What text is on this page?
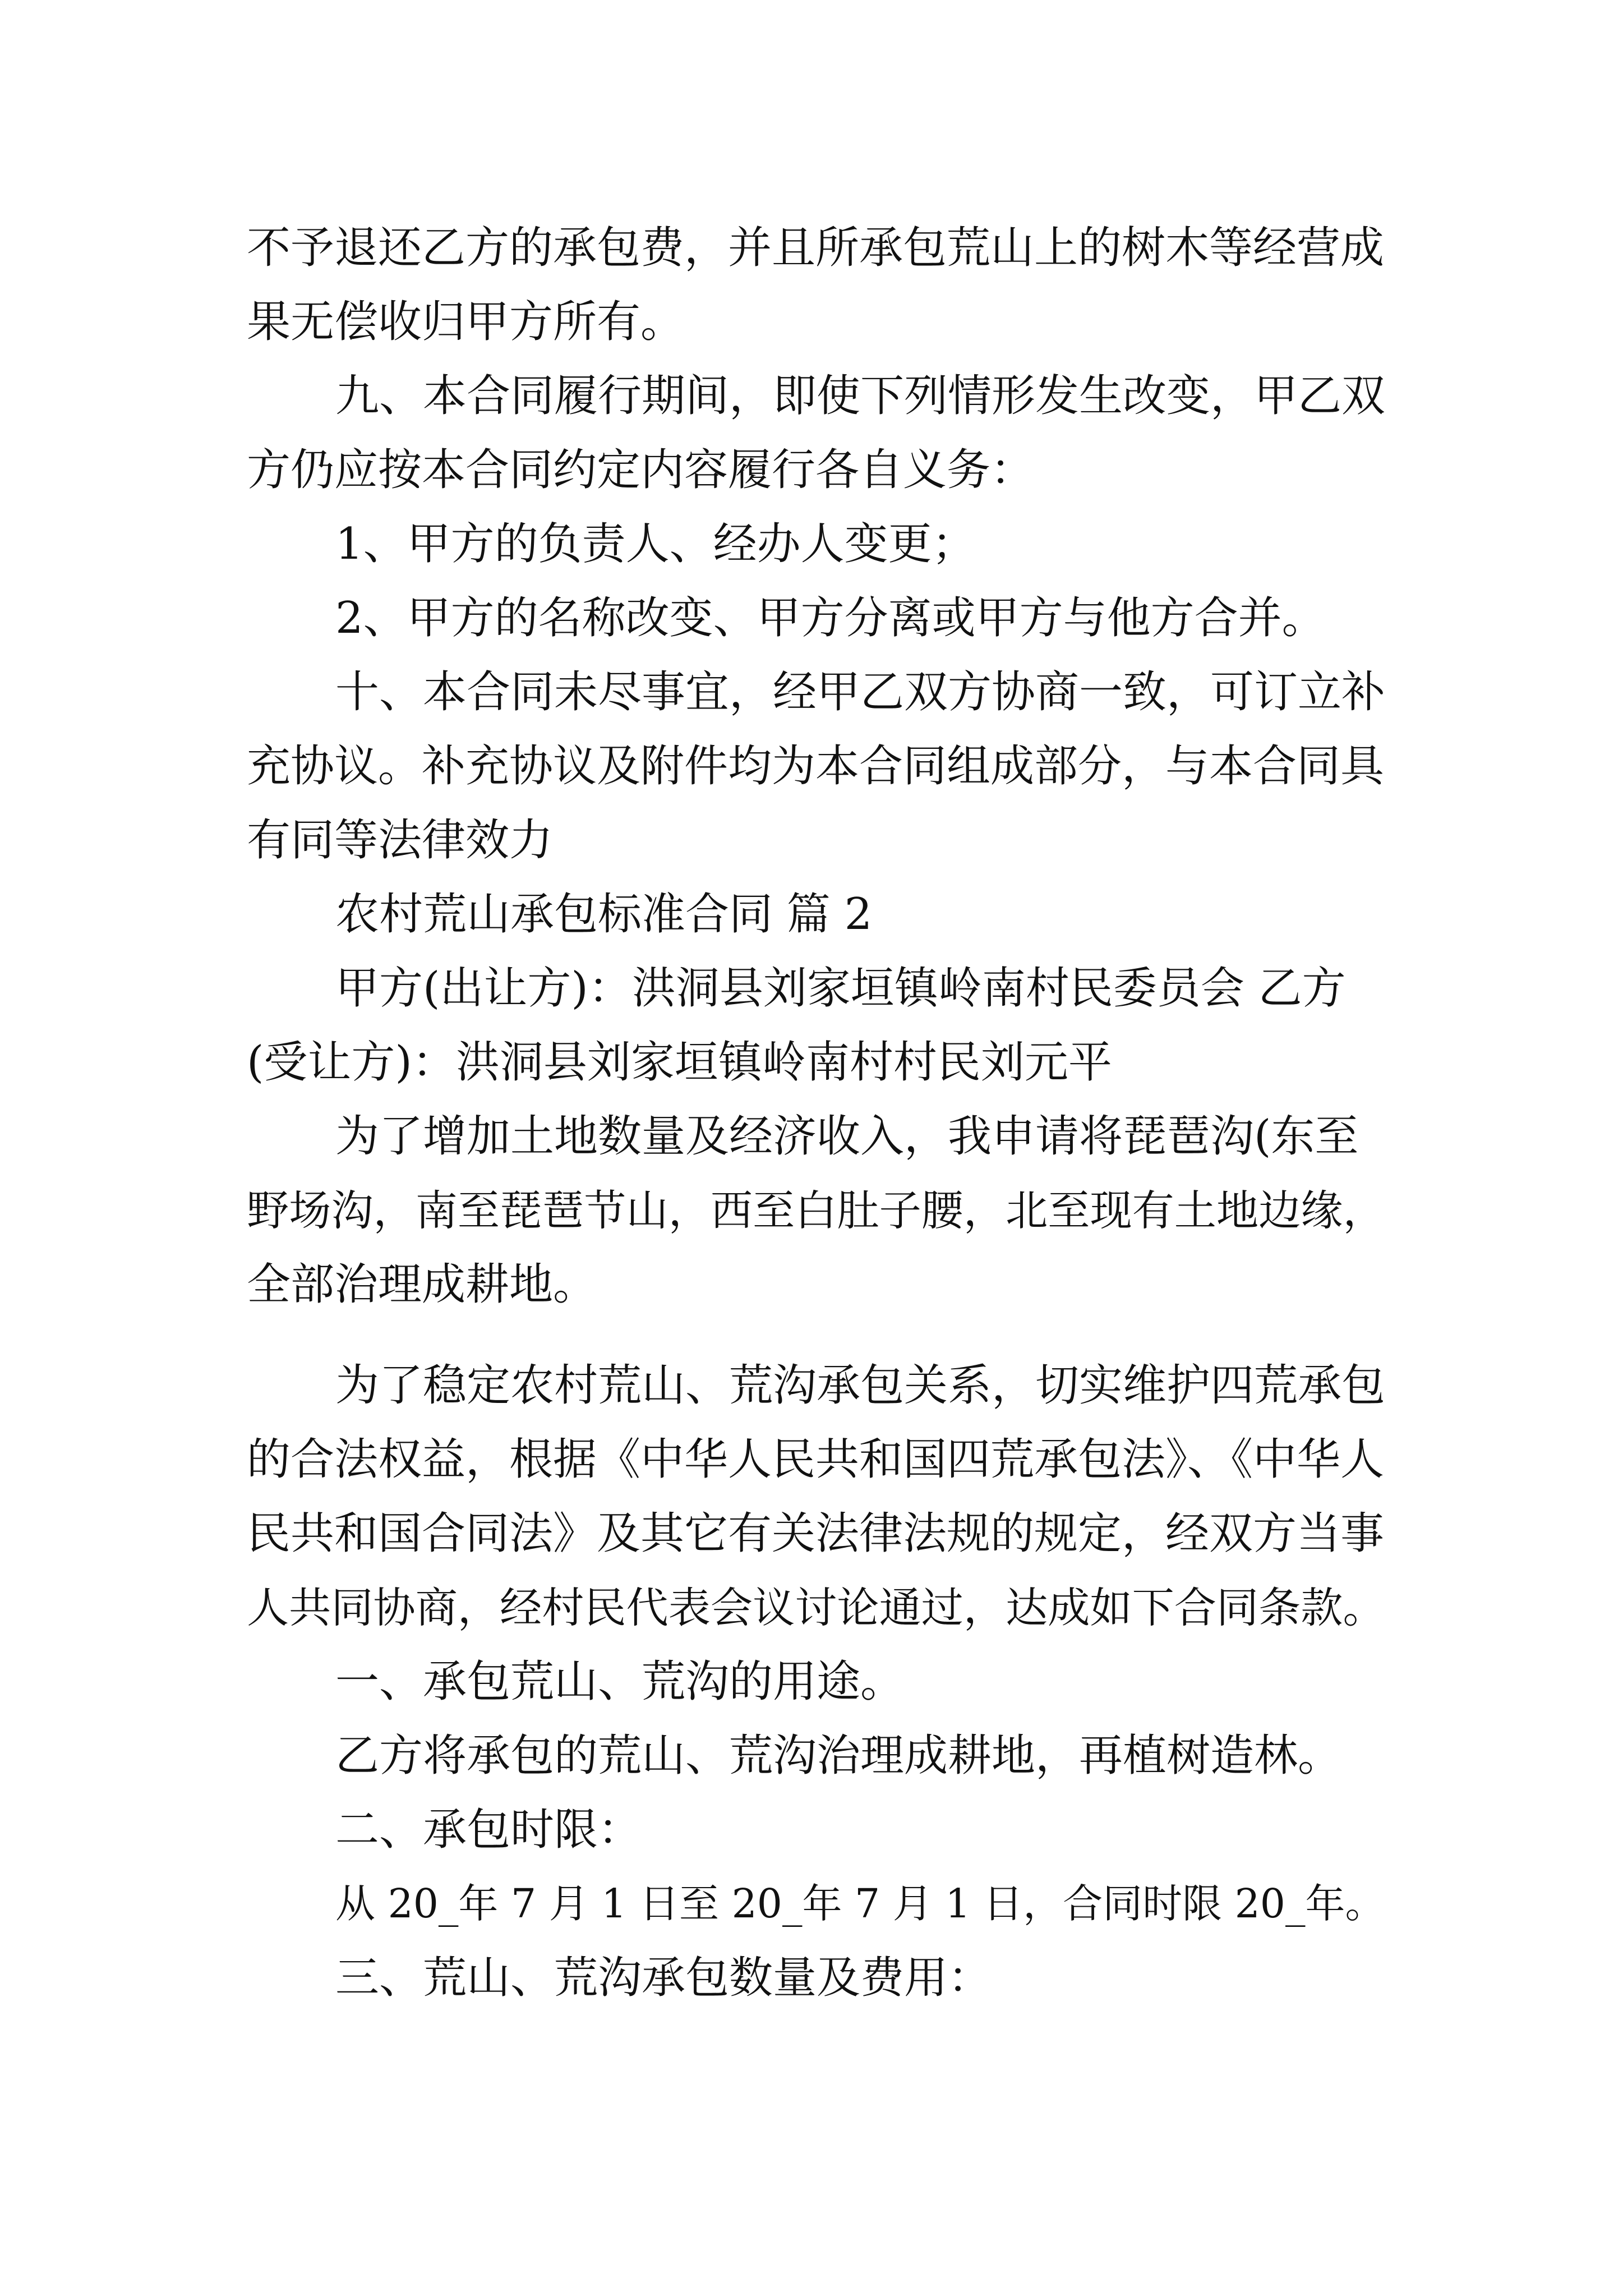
不予退还乙方的承包费，并且所承包荒山上的树木等经营成

果无偿收归甲方所有。

九、本合同履行期间，即使下列情形发生改变，甲乙双

方仍应按本合同约定内容履行各自义务：

1、甲方的负责人、经办人变更；

2、甲方的名称改变、甲方分离或甲方与他方合并。

十、本合同未尽事宜，经甲乙双方协商一致，可订立补

充协议。补充协议及附件均为本合同组成部分，与本合同具

有同等法律效力

农村荒山承包标准合同 篇 2

甲方(出让方)：洪洞县刘家垣镇岭南村民委员会 乙方

(受让方)：洪洞县刘家垣镇岭南村村民刘元平

为了增加土地数量及经济收入，我申请将琵琶沟(东至

野场沟，南至琵琶节山，西至白肚子腰，北至现有土地边缘，

全部治理成耕地。

为了稳定农村荒山、荒沟承包关系，切实维护四荒承包

的合法权益，根据《中华人民共和国四荒承包法》、《中华人

民共和国合同法》及其它有关法律法规的规定，经双方当事

人共同协商，经村民代表会议讨论通过，达成如下合同条款。

一、承包荒山、荒沟的用途。

乙方将承包的荒山、荒沟治理成耕地，再植树造林。

二、承包时限：

从 20_年 7 月 1 日至 20_年 7 月 1 日，合同时限 20_年。

三、荒山、荒沟承包数量及费用：
